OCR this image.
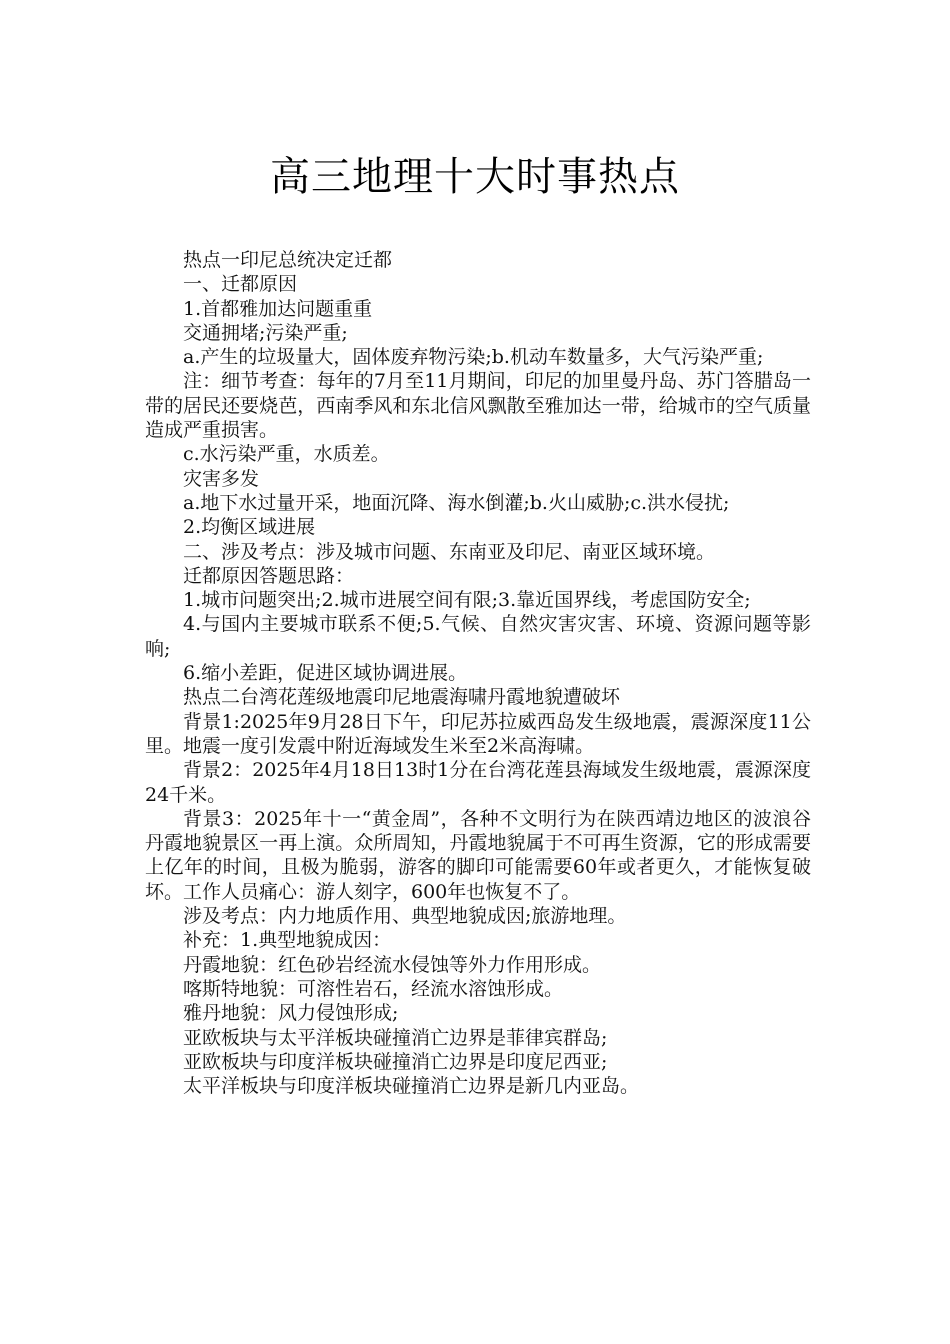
高三地理十大时事热点

热点一印尼总统决定迁都

一、迁都原因

1.首都雅加达问题重重

交通拥堵;污染严重;

a.产生的垃圾量大，固体废弃物污染;b.机动车数量多，大气污染严重;

注：细节考查：每年的7月至11月期间，印尼的加里曼丹岛、苏门答腊岛一带的居民还要烧芭，西南季风和东北信风飘散至雅加达一带，给城市的空气质量造成严重损害。

c.水污染严重，水质差。

灾害多发

a.地下水过量开采，地面沉降、海水倒灌;b.火山威胁;c.洪水侵扰;

2.均衡区域进展

二、涉及考点：涉及城市问题、东南亚及印尼、南亚区域环境。

迁都原因答题思路：

1.城市问题突出;2.城市进展空间有限;3.靠近国界线，考虑国防安全;

4.与国内主要城市联系不便;5.气候、自然灾害灾害、环境、资源问题等影响;

6.缩小差距，促进区域协调进展。

热点二台湾花莲级地震印尼地震海啸丹霞地貌遭破坏

背景1:2025年9月28日下午，印尼苏拉威西岛发生级地震，震源深度11公里。地震一度引发震中附近海域发生米至2米高海啸。

背景2：2025年4月18日13时1分在台湾花莲县海域发生级地震，震源深度24千米。

背景3：2025年十一“黄金周”，各种不文明行为在陕西靖边地区的波浪谷丹霞地貌景区一再上演。众所周知，丹霞地貌属于不可再生资源，它的形成需要上亿年的时间，且极为脆弱，游客的脚印可能需要60年或者更久，才能恢复破坏。工作人员痛心：游人刻字，600年也恢复不了。

涉及考点：内力地质作用、典型地貌成因;旅游地理。

补充：1.典型地貌成因：

丹霞地貌：红色砂岩经流水侵蚀等外力作用形成。

喀斯特地貌：可溶性岩石，经流水溶蚀形成。

雅丹地貌：风力侵蚀形成;

亚欧板块与太平洋板块碰撞消亡边界是菲律宾群岛;

亚欧板块与印度洋板块碰撞消亡边界是印度尼西亚;

太平洋板块与印度洋板块碰撞消亡边界是新几内亚岛。
